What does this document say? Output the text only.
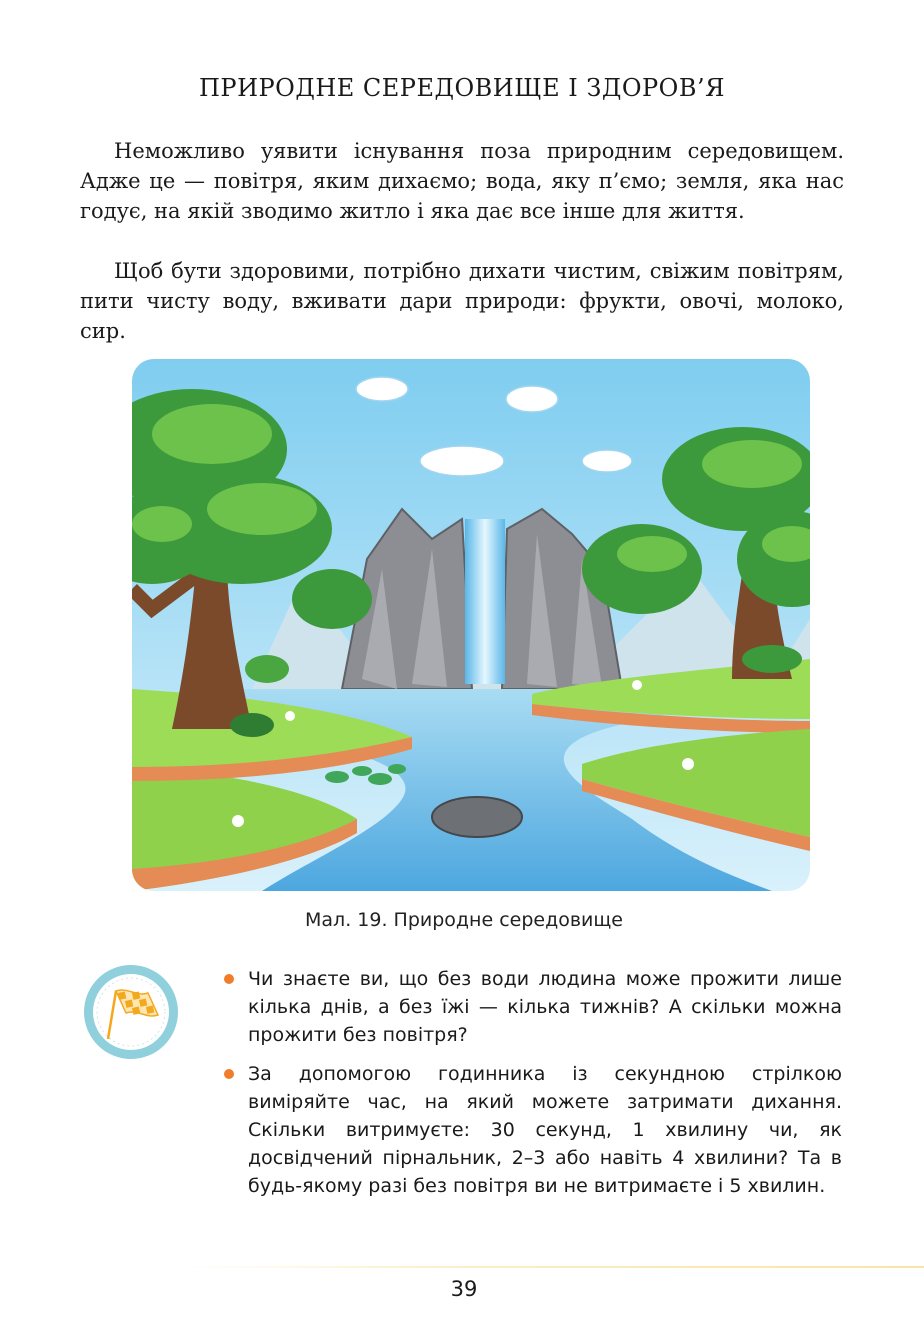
ПРИРОДНЕ СЕРЕДОВИЩЕ І ЗДОРОВ’Я

Неможливо уявити існування поза природним середовищем. Адже це — повітря, яким дихаємо; вода, яку п’ємо; земля, яка нас годує, на якій зводимо житло і яка дає все інше для життя.

Щоб бути здоровими, потрібно дихати чистим, свіжим повітрям, пити чисту воду, вживати дари природи: фрукти, овочі, молоко, сир.

Мал. 19. Природне середовище
Чи знаєте ви, що без води людина може прожити лише кілька днів, а без їжі — кілька тижнів? А скільки можна прожити без повітря?
За допомогою годинника із секундною стрілкою виміряйте час, на який можете затримати дихання. Скільки витримуєте: 30 секунд, 1 хвилину чи, як досвідчений пірнальник, 2–3 або навіть 4 хвилини? Та в будь-якому разі без повітря ви не витримаєте і 5 хвилин.
39
